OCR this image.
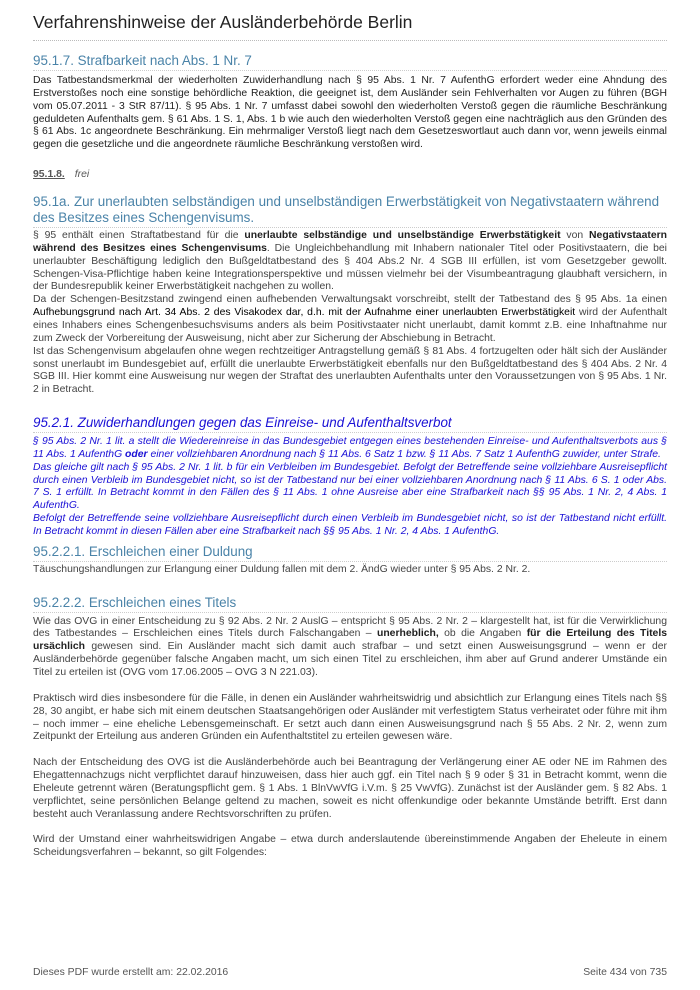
Verfahrenshinweise der Ausländerbehörde Berlin
95.1.7. Strafbarkeit nach Abs. 1 Nr. 7

Das Tatbestandsmerkmal der wiederholten Zuwiderhandlung nach § 95 Abs. 1 Nr. 7 AufenthG erfordert weder eine Ahndung des Erstverstoßes noch eine sonstige behördliche Reaktion, die geeignet ist, dem Ausländer sein Fehlverhalten vor Augen zu führen (BGH vom 05.07.2011 - 3 StR 87/11). § 95 Abs. 1 Nr. 7 umfasst dabei sowohl den wiederholten Verstoß gegen die räumliche Beschränkung geduldeten Aufenthalts gem. § 61 Abs. 1 S. 1, Abs. 1 b wie auch den wiederholten Verstoß gegen eine nachträglich aus den Gründen des § 61 Abs. 1c angeordnete Beschränkung. Ein mehrmaliger Verstoß liegt nach dem Gesetzeswortlaut auch dann vor, wenn jeweils einmal gegen die gesetzliche und die angeordnete räumliche Beschränkung verstoßen wird.

95.1.8. frei

95.1a. Zur unerlaubten selbständigen und unselbständigen Erwerbstätigkeit von Negativstaatern während des Besitzes eines Schengenvisums.

§ 95 enthält einen Straftatbestand für die unerlaubte selbständige und unselbständige Erwerbstätigkeit von Negativstaatern während des Besitzes eines Schengenvisums. Die Ungleichbehandlung mit Inhabern nationaler Titel oder Positivstaatern, die bei unerlaubter Beschäftigung lediglich den Bußgeldtatbestand des § 404 Abs.2 Nr. 4 SGB III erfüllen, ist vom Gesetzgeber gewollt. Schengen-Visa-Pflichtige haben keine Integrationsperspektive und müssen vielmehr bei der Visumbeantragung glaubhaft versichern, in der Bundesrepublik keiner Erwerbstätigkeit nachgehen zu wollen.

Da der Schengen-Besitzstand zwingend einen aufhebenden Verwaltungsakt vorschreibt, stellt der Tatbestand des § 95 Abs. 1a einen Aufhebungsgrund nach Art. 34 Abs. 2 des Visakodex dar, d.h. mit der Aufnahme einer unerlaubten Erwerbstätigkeit wird der Aufenthalt eines Inhabers eines Schengenbesuchsvisums anders als beim Positivstaater nicht unerlaubt, damit kommt z.B. eine Inhaftnahme nur zum Zweck der Vorbereitung der Ausweisung, nicht aber zur Sicherung der Abschiebung in Betracht.

Ist das Schengenvisum abgelaufen ohne wegen rechtzeitiger Antragstellung gemäß § 81 Abs. 4 fortzugelten oder hält sich der Ausländer sonst unerlaubt im Bundesgebiet auf, erfüllt die unerlaubte Erwerbstätigkeit ebenfalls nur den Bußgeldtatbestand des § 404 Abs. 2 Nr. 4 SGB III. Hier kommt eine Ausweisung nur wegen der Straftat des unerlaubten Aufenthalts unter den Voraussetzungen von § 95 Abs. 1 Nr. 2 in Betracht.

95.2.1. Zuwiderhandlungen gegen das Einreise- und Aufenthaltsverbot

§ 95 Abs. 2 Nr. 1 lit. a stellt die Wiedereinreise in das Bundesgebiet entgegen eines bestehenden Einreise- und Aufenthaltsverbots aus § 11 Abs. 1 AufenthG oder einer vollziehbaren Anordnung nach § 11 Abs. 6 Satz 1 bzw. § 11 Abs. 7 Satz 1 AufenthG zuwider, unter Strafe.

Das gleiche gilt nach § 95 Abs. 2 Nr. 1 lit. b für ein Verbleiben im Bundesgebiet. Befolgt der Betreffende seine vollziehbare Ausreisepflicht durch einen Verbleib im Bundesgebiet nicht, so ist der Tatbestand nur bei einer vollziehbaren Anordnung nach § 11 Abs. 6 S. 1 oder Abs. 7 S. 1 erfüllt. In Betracht kommt in den Fällen des § 11 Abs. 1 ohne Ausreise aber eine Strafbarkeit nach §§ 95 Abs. 1 Nr. 2, 4 Abs. 1 AufenthG.

Befolgt der Betreffende seine vollziehbare Ausreisepflicht durch einen Verbleib im Bundesgebiet nicht, so ist der Tatbestand nicht erfüllt. In Betracht kommt in diesen Fällen aber eine Strafbarkeit nach §§ 95 Abs. 1 Nr. 2, 4 Abs. 1 AufenthG.

95.2.2.1. Erschleichen einer Duldung

Täuschungshandlungen zur Erlangung einer Duldung fallen mit dem 2. ÄndG wieder unter § 95 Abs. 2 Nr. 2.

95.2.2.2. Erschleichen eines Titels

Wie das OVG in einer Entscheidung zu § 92 Abs. 2 Nr. 2 AuslG – entspricht § 95 Abs. 2 Nr. 2 – klargestellt hat, ist für die Verwirklichung des Tatbestandes – Erschleichen eines Titels durch Falschangaben – unerheblich, ob die Angaben für die Erteilung des Titels ursächlich gewesen sind. Ein Ausländer macht sich damit auch strafbar – und setzt einen Ausweisungsgrund – wenn er der Ausländerbehörde gegenüber falsche Angaben macht, um sich einen Titel zu erschleichen, ihm aber auf Grund anderer Umstände ein Titel zu erteilen ist (OVG vom 17.06.2005 – OVG 3 N 221.03).

Praktisch wird dies insbesondere für die Fälle, in denen ein Ausländer wahrheitswidrig und absichtlich zur Erlangung eines Titels nach §§ 28, 30 angibt, er habe sich mit einem deutschen Staatsangehörigen oder Ausländer mit verfestigtem Status verheiratet oder führe mit ihm – noch immer – eine eheliche Lebensgemeinschaft. Er setzt auch dann einen Ausweisungsgrund nach § 55 Abs. 2 Nr. 2, wenn zum Zeitpunkt der Erteilung aus anderen Gründen ein Aufenthaltstitel zu erteilen gewesen wäre.

Nach der Entscheidung des OVG ist die Ausländerbehörde auch bei Beantragung der Verlängerung einer AE oder NE im Rahmen des Ehegattennachzugs nicht verpflichtet darauf hinzuweisen, dass hier auch ggf. ein Titel nach § 9 oder § 31 in Betracht kommt, wenn die Eheleute getrennt wären (Beratungspflicht gem. § 1 Abs. 1 BlnVwVfG i.V.m. § 25 VwVfG). Zunächst ist der Ausländer gem. § 82 Abs. 1 verpflichtet, seine persönlichen Belange geltend zu machen, soweit es nicht offenkundige oder bekannte Umstände betrifft. Erst dann besteht auch Veranlassung andere Rechtsvorschriften zu prüfen.

Wird der Umstand einer wahrheitswidrigen Angabe – etwa durch anderslautende übereinstimmende Angaben der Eheleute in einem Scheidungsverfahren – bekannt, so gilt Folgendes:

Dieses PDF wurde erstellt am: 22.02.2016	Seite 434 von 735
